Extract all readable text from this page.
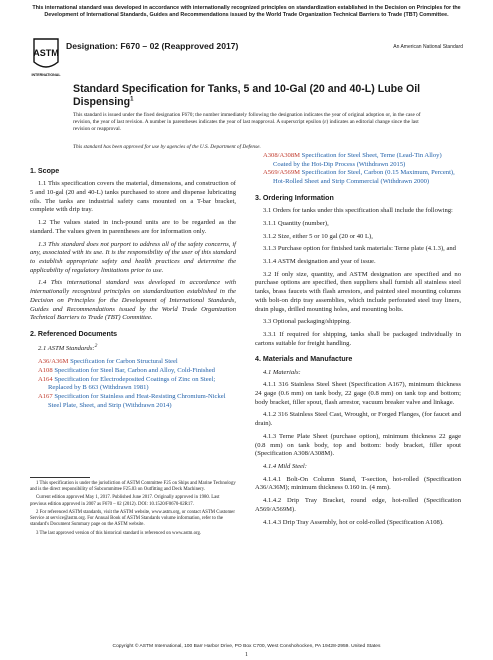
This international standard was developed in accordance with internationally recognized principles on standardization established in the Decision on Principles for the Development of International Standards, Guides and Recommendations issued by the World Trade Organization Technical Barriers to Trade (TBT) Committee.
ASTM
INTERNATIONAL
Designation: F670 – 02 (Reapproved 2017)	An American National Standard
Standard Specification for Tanks, 5 and 10-Gal (20 and 40-L) Lube Oil Dispensing$^1$
This standard is issued under the fixed designation F670; the number immediately following the designation indicates the year of original adoption or, in the case of revision, the year of last revision. A number in parentheses indicates the year of last reapproval. A superscript epsilon (ε) indicates an editorial change since the last revision or reapproval.
This standard has been approved for use by agencies of the U.S. Department of Defense.
1. Scope

1.1 This specification covers the material, dimensions, and construction of 5 and 10-gal (20 and 40-L) tanks purchased to store and dispense lubricating oils. The tanks are industrial safety cans mounted on a T-bar bracket, complete with drip tray.

1.2 The values stated in inch-pound units are to be regarded as the standard. The values given in parentheses are for information only.

1.3 This standard does not purport to address all of the safety concerns, if any, associated with its use. It is the responsibility of the user of this standard to establish appropriate safety and health practices and determine the applicability of regulatory limitations prior to use.

1.4 This international standard was developed in accordance with internationally recognized principles on standardization established in the Decision on Principles for the Development of International Standards, Guides and Recommendations issued by the World Trade Organization Technical Barriers to Trade (TBT) Committee.

2. Referenced Documents

2.1 ASTM Standards:$^2$

A36/A36M Specification for Carbon Structural Steel

A108 Specification for Steel Bar, Carbon and Alloy, Cold-Finished

A164 Specification for Electrodeposited Coatings of Zinc on Steel; Replaced by B 663 (Withdrawn 1981)

A167 Specification for Stainless and Heat-Resisting Chromium-Nickel Steel Plate, Sheet, and Strip (Withdrawn 2014)

1 This specification is under the jurisdiction of ASTM Committee F25 on Ships and Marine Technology and is the direct responsibility of Subcommittee F25.03 on Outfitting and Deck Machinery.
Current edition approved May 1, 2017. Published June 2017. Originally approved in 1980. Last previous edition approved in 2007 as F670 – 02 (2012). DOI: 10.1520/F0670-02R17.
2 For referenced ASTM standards, visit the ASTM website, www.astm.org, or contact ASTM Customer Service at service@astm.org. For Annual Book of ASTM Standards volume information, refer to the standard's Document Summary page on the ASTM website.
3 The last approved version of this historical standard is referenced on www.astm.org.

A308/A308M Specification for Steel Sheet, Terne (Lead-Tin Alloy) Coated by the Hot-Dip Process (Withdrawn 2015)

A569/A569M Specification for Steel, Carbon (0.15 Maximum, Percent), Hot-Rolled Sheet and Strip Commercial (Withdrawn 2000)

3. Ordering Information

3.1 Orders for tanks under this specification shall include the following:

3.1.1 Quantity (number),

3.1.2 Size, either 5 or 10 gal (20 or 40 L),

3.1.3 Purchase option for finished tank materials: Terne plate (4.1.3), and

3.1.4 ASTM designation and year of issue.

3.2 If only size, quantity, and ASTM designation are specified and no purchase options are specified, then suppliers shall furnish all stainless steel tanks, brass faucets with flash arrestors, and painted steel mounting columns with bolt-on drip tray assemblies, which include perforated steel tray liners, drain plugs, drilled mounting holes, and mounting bolts.

3.3 Optional packaging/shipping.

3.3.1 If required for shipping, tanks shall be packaged individually in cartons suitable for freight handling.

4. Materials and Manufacture

4.1 Materials:

4.1.1 316 Stainless Steel Sheet (Specification A167), minimum thickness 24 gage (0.6 mm) on tank body, 22 gage (0.8 mm) on tank top and bottom; body bracket, filler spout, flash arrestor, vacuum breaker valve and linkage.

4.1.2 316 Stainless Steel Cast, Wrought, or Forged Flanges, (for faucet and drain).

4.1.3 Terne Plate Sheet (purchase option), minimum thickness 22 gage (0.8 mm) on tank body, top and bottom: body bracket, filler spout (Specification A308/A308M).

4.1.4 Mild Steel:

4.1.4.1 Bolt-On Column Stand, T-section, hot-rolled (Specification A36/A36M); minimum thickness 0.160 in. (4 mm).

4.1.4.2 Drip Tray Bracket, round edge, hot-rolled (Specification A569/A569M).

4.1.4.3 Drip Tray Assembly, hot or cold-rolled (Specification A108).

Copyright © ASTM International, 100 Barr Harbor Drive, PO Box C700, West Conshohocken, PA 19428-2959. United States
1
